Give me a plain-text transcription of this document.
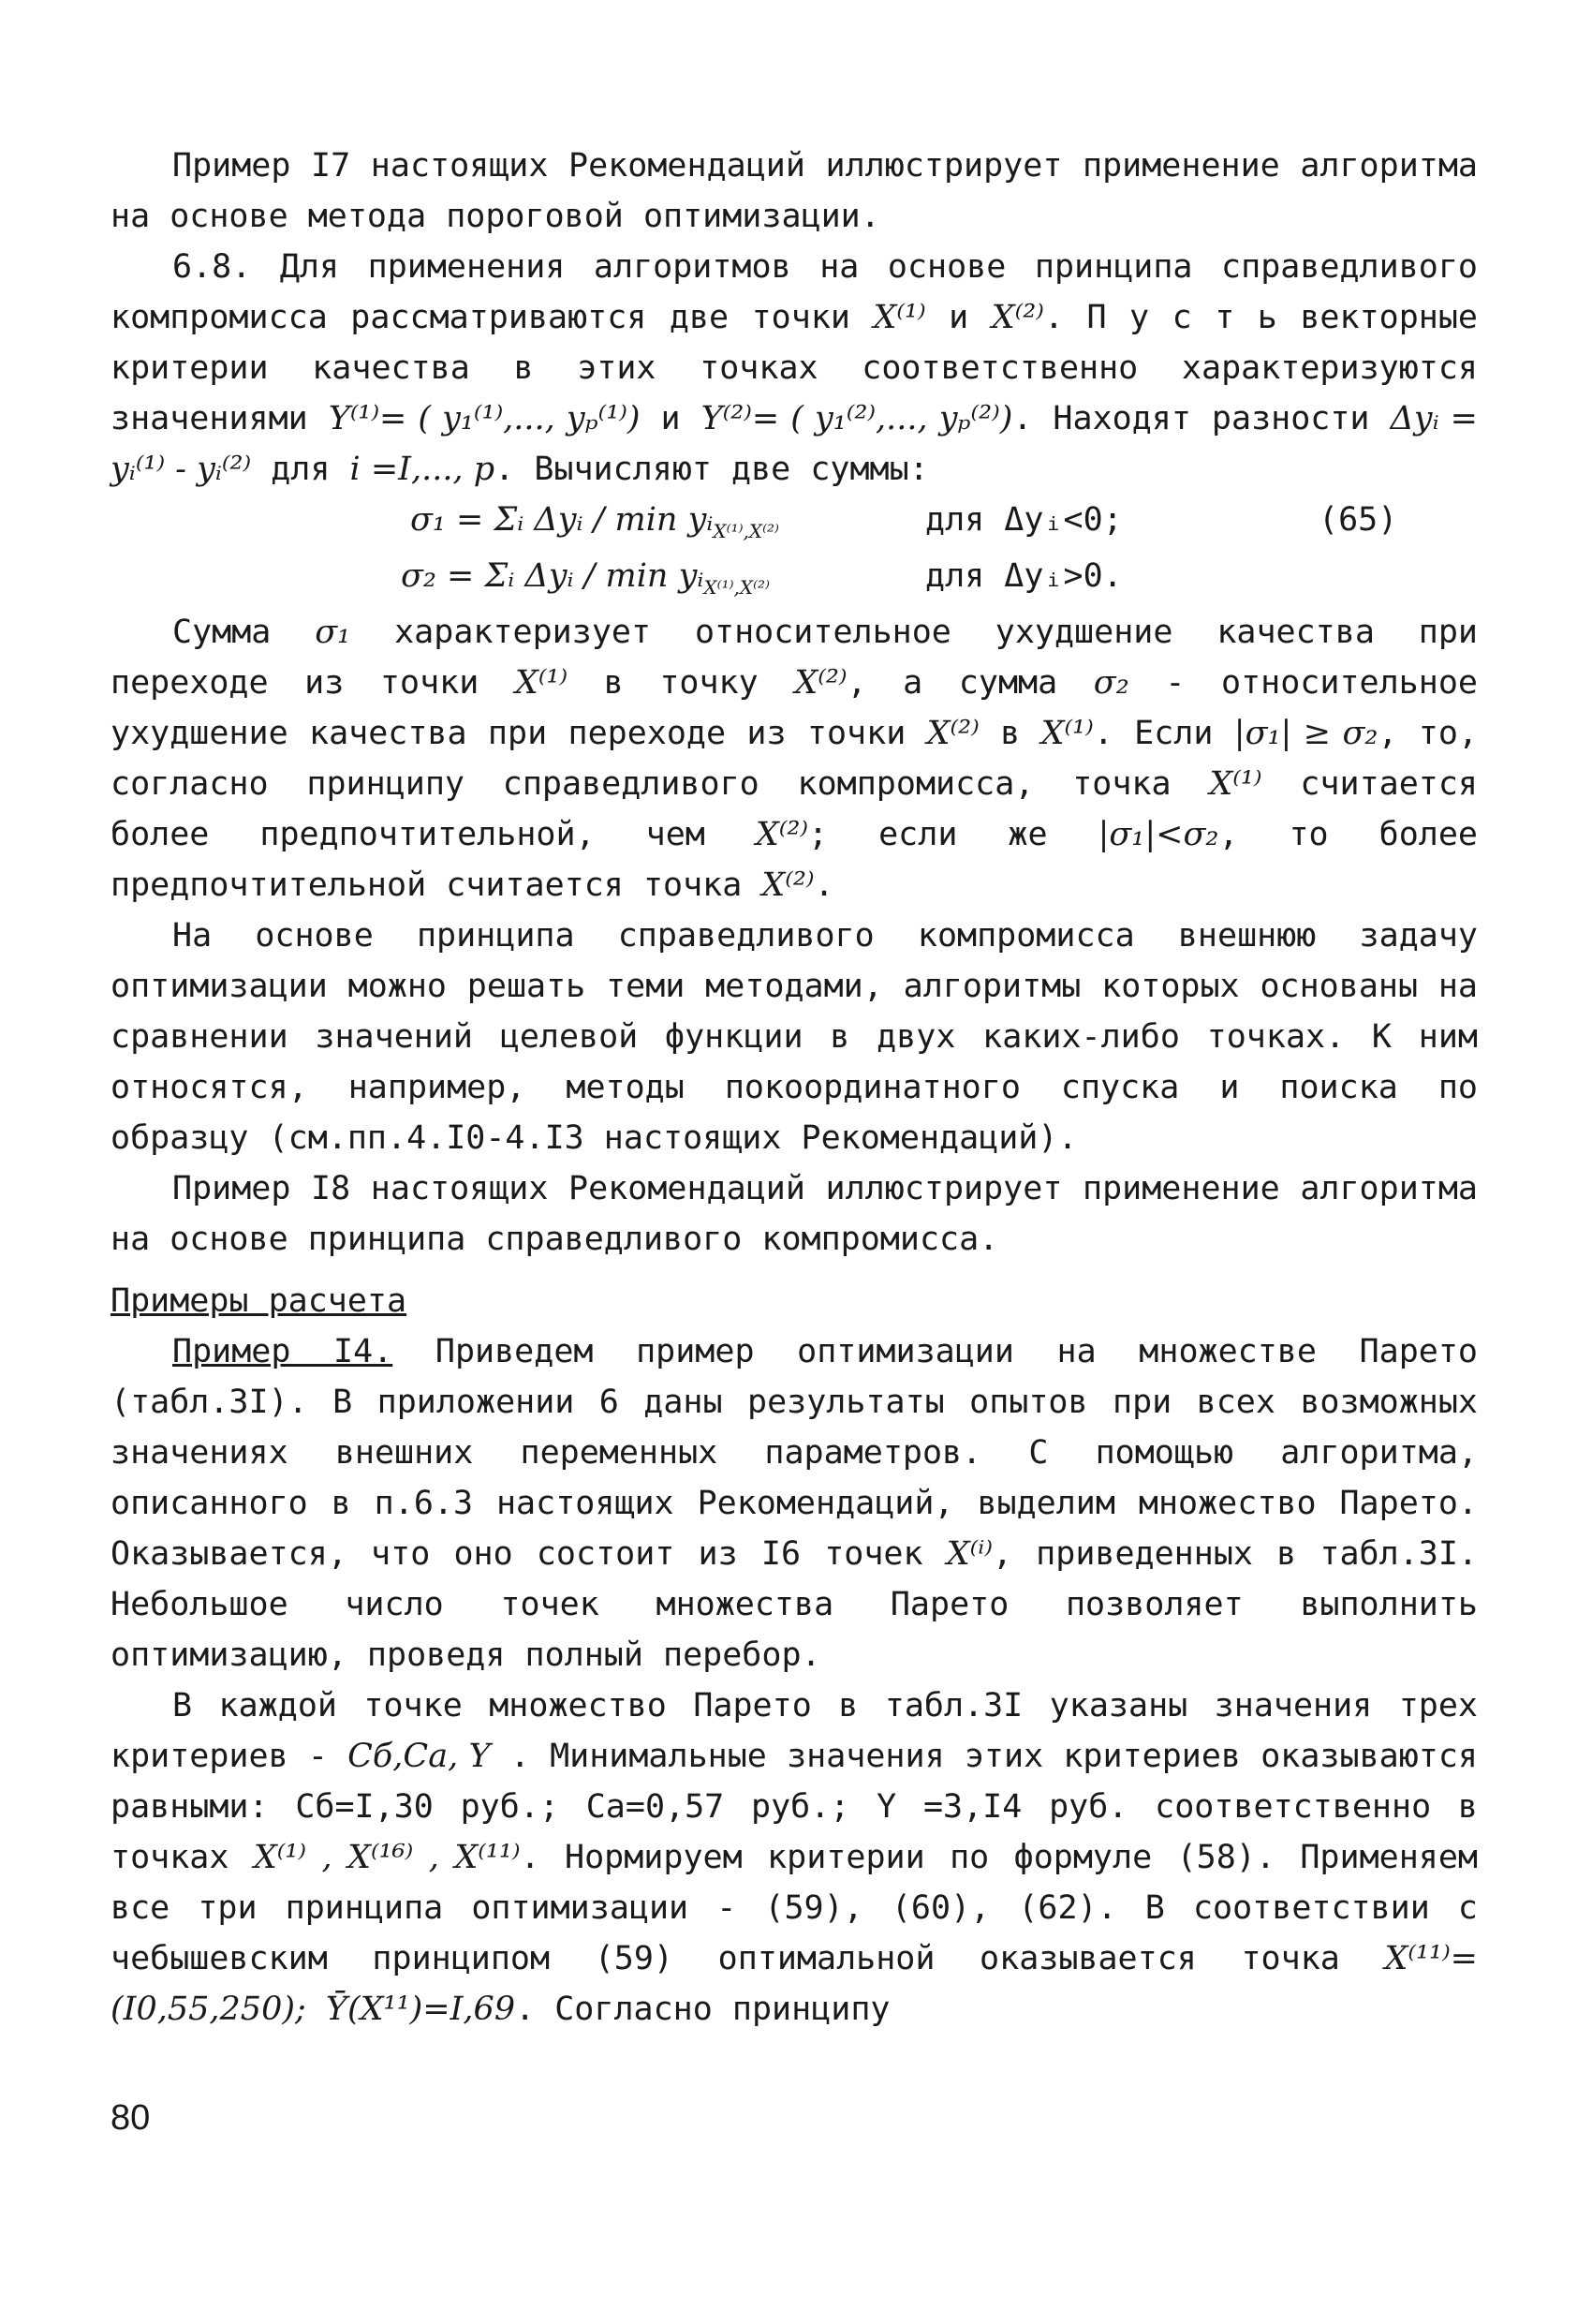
Пример I7 настоящих Рекомендаций иллюстрирует применение алгоритма на основе метода пороговой оптимизации.

6.8. Для применения алгоритмов на основе принципа справедливого компромисса рассматриваются две точки X⁽¹⁾ и X⁽²⁾. П у с т ь векторные критерии качества в этих точках соответственно характеризуются значениями Y⁽¹⁾= ( y₁⁽¹⁾,..., yₚ⁽¹⁾) и Y⁽²⁾= ( y₁⁽²⁾,..., yₚ⁽²⁾). Находят разности Δyᵢ = yᵢ⁽¹⁾ - yᵢ⁽²⁾ для i =I,..., p. Вычисляют две суммы:

σ₁ = Σᵢ Δyᵢ / min yᵢ$_{X^{(1)},X^{(2)}}$	для Δyᵢ<0;	(65)
σ₂ = Σᵢ Δyᵢ / min yᵢ$_{X^{(1)},X^{(2)}}$	для Δyᵢ>0.

Сумма σ₁ характеризует относительное ухудшение качества при переходе из точки X⁽¹⁾ в точку X⁽²⁾, а сумма σ₂ - относительное ухудшение качества при переходе из точки X⁽²⁾ в X⁽¹⁾. Если |σ₁| ≥ σ₂, то, согласно принципу справедливого компромисса, точка X⁽¹⁾ считается более предпочтительной, чем X⁽²⁾; если же |σ₁|<σ₂, то более предпочтительной считается точка X⁽²⁾.

На основе принципа справедливого компромисса внешнюю задачу оптимизации можно решать теми методами, алгоритмы которых основаны на сравнении значений целевой функции в двух каких-либо точках. К ним относятся, например, методы покоординатного спуска и поиска по образцу (см.пп.4.I0-4.I3 настоящих Рекомендаций).

Пример I8 настоящих Рекомендаций иллюстрирует применение алгоритма на основе принципа справедливого компромисса.

Примеры расчета

Пример I4. Приведем пример оптимизации на множестве Парето (табл.3I). В приложении 6 даны результаты опытов при всех возможных значениях внешних переменных параметров. С помощью алгоритма, описанного в п.6.3 настоящих Рекомендаций, выделим множество Парето. Оказывается, что оно состоит из I6 точек X⁽ⁱ⁾, приведенных в табл.3I. Небольшое число точек множества Парето позволяет выполнить оптимизацию, проведя полный перебор.

В каждой точке множество Парето в табл.3I указаны значения трех критериев - Cб,Cа, Y . Минимальные значения этих критериев оказываются равными: Cб=I,30 руб.; Cа=0,57 руб.; Y =3,I4 руб. соответственно в точках X⁽¹⁾ , X⁽¹⁶⁾ , X⁽¹¹⁾. Нормируем критерии по формуле (58). Применяем все три принципа оптимизации - (59), (60), (62). В соответствии с чебышевским принципом (59) оптимальной оказывается точка X⁽¹¹⁾=(I0,55,250); Ȳ(X¹¹)=I,69. Согласно принципу

80
